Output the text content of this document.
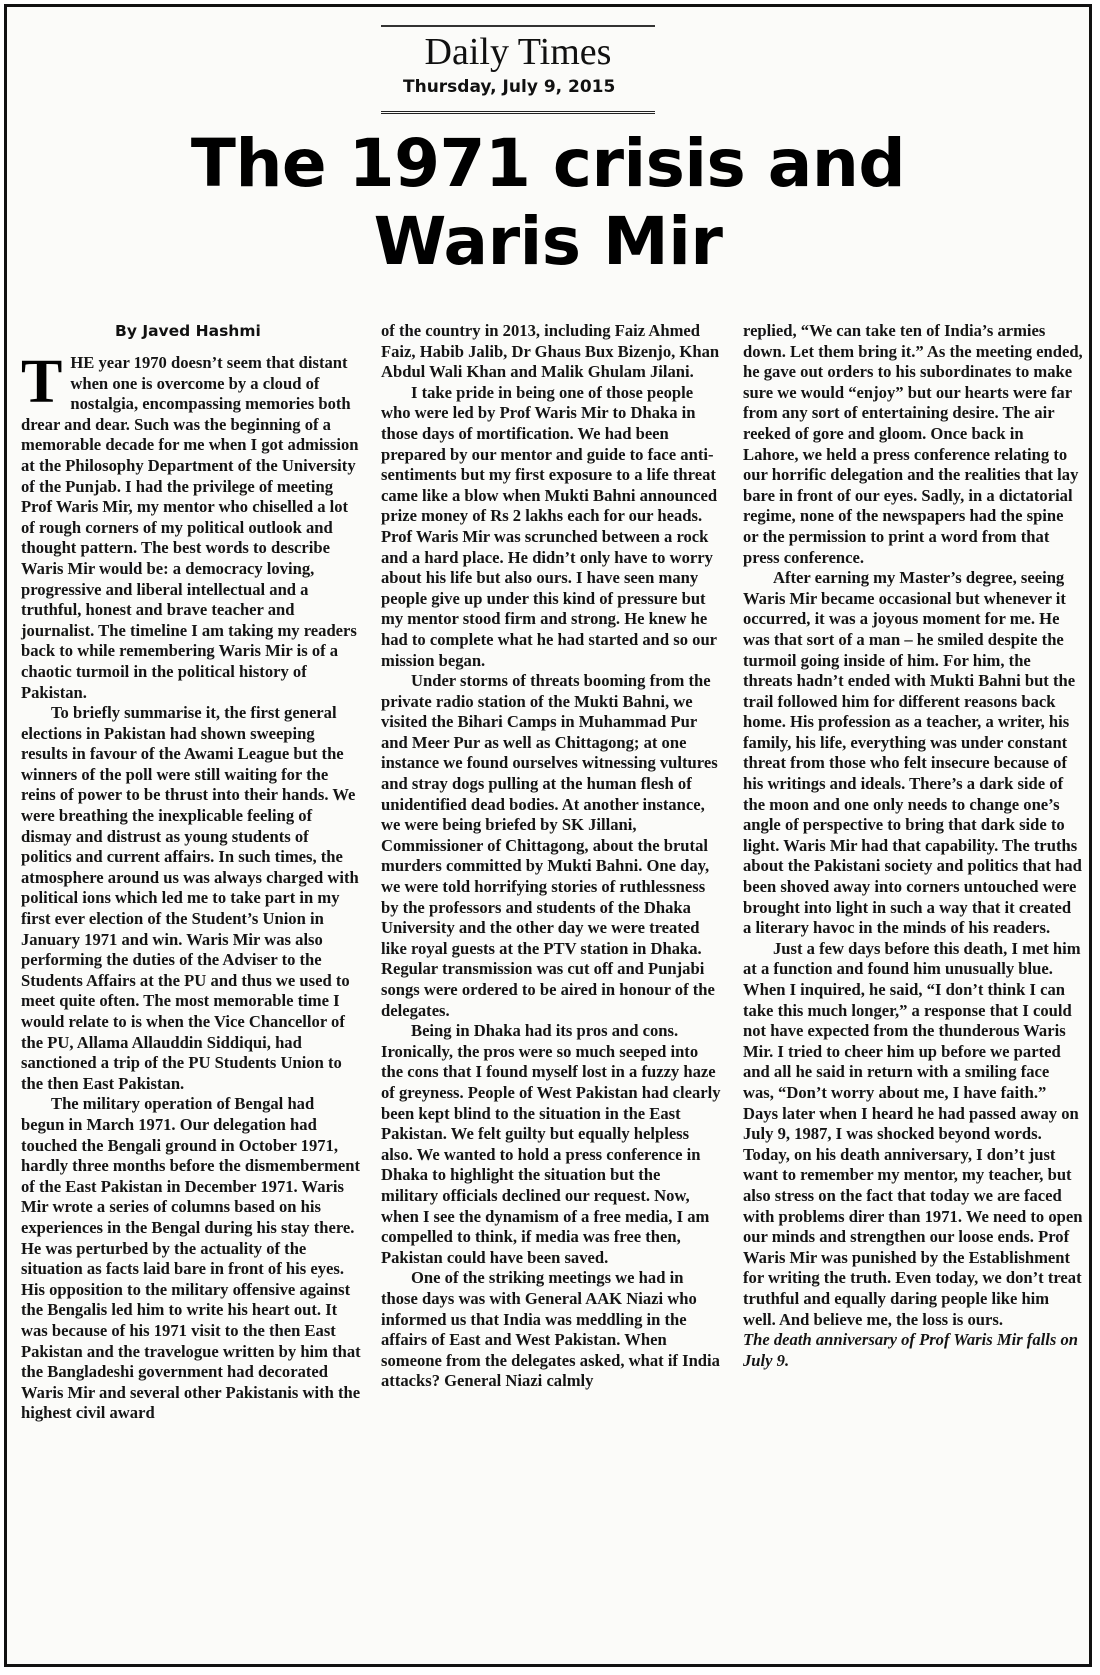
Daily Times
Thursday, July 9, 2015
The 1971 crisis and
Waris Mir
By Javed Hashmi

THE year 1970 doesn’t seem that distant when one is overcome by a cloud of nostalgia, encompassing memories both drear and dear. Such was the beginning of a memorable decade for me when I got admission at the Philosophy Department of the University of the Punjab. I had the privilege of meeting Prof Waris Mir, my mentor who chiselled a lot of rough corners of my political outlook and thought pattern. The best words to describe Waris Mir would be: a democracy loving, progressive and liberal intellectual and a truthful, honest and brave teacher and journalist. The timeline I am taking my readers back to while remembering Waris Mir is of a chaotic turmoil in the political history of Pakistan.

To briefly summarise it, the first general elections in Pakistan had shown sweeping results in favour of the Awami League but the winners of the poll were still waiting for the reins of power to be thrust into their hands. We were breathing the inexplicable feeling of dismay and distrust as young students of politics and current affairs. In such times, the atmosphere around us was always charged with political ions which led me to take part in my first ever election of the Student’s Union in January 1971 and win. Waris Mir was also performing the duties of the Adviser to the Students Affairs at the PU and thus we used to meet quite often. The most memorable time I would relate to is when the Vice Chancellor of the PU, Allama Allauddin Siddiqui, had sanctioned a trip of the PU Students Union to the then East Pakistan.

The military operation of Bengal had begun in March 1971. Our delegation had touched the Bengali ground in October 1971, hardly three months before the dismemberment of the East Pakistan in December 1971. Waris Mir wrote a series of columns based on his experiences in the Bengal during his stay there. He was perturbed by the actuality of the situation as facts laid bare in front of his eyes. His opposition to the military offensive against the Bengalis led him to write his heart out. It was because of his 1971 visit to the then East Pakistan and the travelogue written by him that the Bangladeshi government had decorated Waris Mir and several other Pakistanis with the highest civil award

of the country in 2013, including Faiz Ahmed Faiz, Habib Jalib, Dr Ghaus Bux Bizenjo, Khan Abdul Wali Khan and Malik Ghulam Jilani.

I take pride in being one of those people who were led by Prof Waris Mir to Dhaka in those days of mortification. We had been prepared by our mentor and guide to face anti-sentiments but my first exposure to a life threat came like a blow when Mukti Bahni announced prize money of Rs 2 lakhs each for our heads. Prof Waris Mir was scrunched between a rock and a hard place. He didn’t only have to worry about his life but also ours. I have seen many people give up under this kind of pressure but my mentor stood firm and strong. He knew he had to complete what he had started and so our mission began.

Under storms of threats booming from the private radio station of the Mukti Bahni, we visited the Bihari Camps in Muhammad Pur and Meer Pur as well as Chittagong; at one instance we found ourselves witnessing vultures and stray dogs pulling at the human flesh of unidentified dead bodies. At another instance, we were being briefed by SK Jillani, Commissioner of Chittagong, about the brutal murders committed by Mukti Bahni. One day, we were told horrifying stories of ruthlessness by the professors and students of the Dhaka University and the other day we were treated like royal guests at the PTV station in Dhaka. Regular transmission was cut off and Punjabi songs were ordered to be aired in honour of the delegates.

Being in Dhaka had its pros and cons. Ironically, the pros were so much seeped into the cons that I found myself lost in a fuzzy haze of greyness. People of West Pakistan had clearly been kept blind to the situation in the East Pakistan. We felt guilty but equally helpless also. We wanted to hold a press conference in Dhaka to highlight the situation but the military officials declined our request. Now, when I see the dynamism of a free media, I am compelled to think, if media was free then, Pakistan could have been saved.

One of the striking meetings we had in those days was with General AAK Niazi who informed us that India was meddling in the affairs of East and West Pakistan. When someone from the delegates asked, what if India attacks? General Niazi calmly

replied, “We can take ten of India’s armies down. Let them bring it.” As the meeting ended, he gave out orders to his subordinates to make sure we would “enjoy” but our hearts were far from any sort of entertaining desire. The air reeked of gore and gloom. Once back in Lahore, we held a press conference relating to our horrific delegation and the realities that lay bare in front of our eyes. Sadly, in a dictatorial regime, none of the newspapers had the spine or the permission to print a word from that press conference.

After earning my Master’s degree, seeing Waris Mir became occasional but whenever it occurred, it was a joyous moment for me. He was that sort of a man – he smiled despite the turmoil going inside of him. For him, the threats hadn’t ended with Mukti Bahni but the trail followed him for different reasons back home. His profession as a teacher, a writer, his family, his life, everything was under constant threat from those who felt insecure because of his writings and ideals. There’s a dark side of the moon and one only needs to change one’s angle of perspective to bring that dark side to light. Waris Mir had that capability. The truths about the Pakistani society and politics that had been shoved away into corners untouched were brought into light in such a way that it created a literary havoc in the minds of his readers.

Just a few days before this death, I met him at a function and found him unusually blue. When I inquired, he said, “I don’t think I can take this much longer,” a response that I could not have expected from the thunderous Waris Mir. I tried to cheer him up before we parted and all he said in return with a smiling face was, “Don’t worry about me, I have faith.” Days later when I heard he had passed away on July 9, 1987, I was shocked beyond words. Today, on his death anniversary, I don’t just want to remember my mentor, my teacher, but also stress on the fact that today we are faced with problems direr than 1971. We need to open our minds and strengthen our loose ends. Prof Waris Mir was punished by the Establishment for writing the truth. Even today, we don’t treat truthful and equally daring people like him well. And believe me, the loss is ours.

The death anniversary of Prof Waris Mir falls on July 9.
